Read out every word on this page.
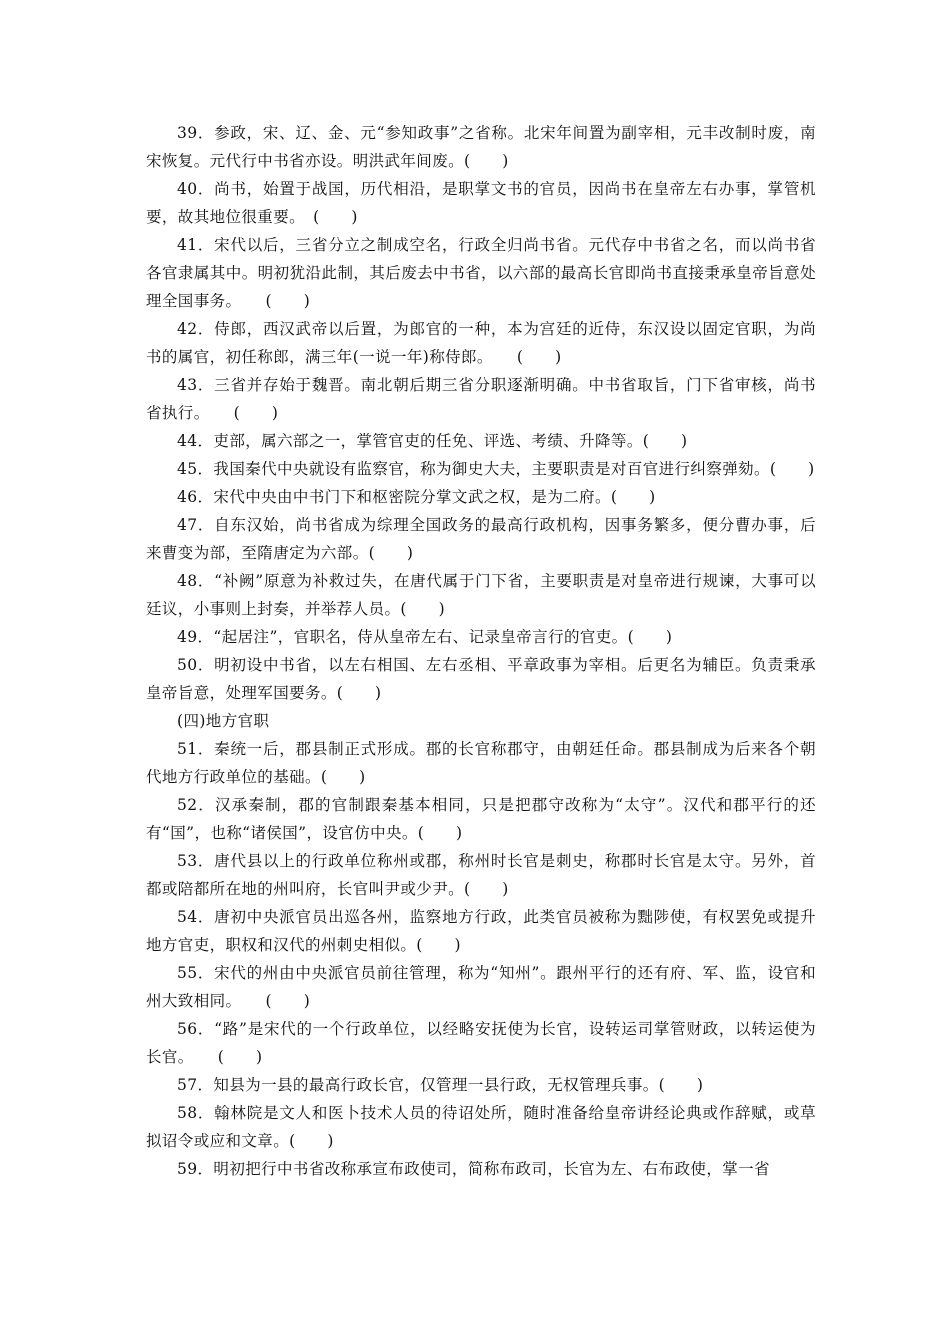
39．参政，宋、辽、金、元“参知政事”之省称。北宋年间置为副宰相，元丰改制时废，南宋恢复。元代行中书省亦设。明洪武年间废。(　　)

40．尚书，始置于战国，历代相沿，是职掌文书的官员，因尚书在皇帝左右办事，掌管机要，故其地位很重要。　(　　)

41．宋代以后，三省分立之制成空名，行政全归尚书省。元代存中书省之名，而以尚书省各官隶属其中。明初犹沿此制，其后废去中书省，以六部的最高长官即尚书直接秉承皇帝旨意处理全国事务。　　(　　)

42．侍郎，西汉武帝以后置，为郎官的一种，本为宫廷的近侍，东汉设以固定官职，为尚书的属官，初任称郎，满三年(一说一年)称侍郎。　　(　　)

43．三省并存始于魏晋。南北朝后期三省分职逐渐明确。中书省取旨，门下省审核，尚书省执行。　　(　　)

44．吏部，属六部之一，掌管官吏的任免、评选、考绩、升降等。(　　)

45．我国秦代中央就设有监察官，称为御史大夫，主要职责是对百官进行纠察弹劾。(　　)

46．宋代中央由中书门下和枢密院分掌文武之权，是为二府。(　　)

47．自东汉始，尚书省成为综理全国政务的最高行政机构，因事务繁多，便分曹办事，后来曹变为部，至隋唐定为六部。(　　)

48．“补阙”原意为补救过失，在唐代属于门下省，主要职责是对皇帝进行规谏，大事可以廷议，小事则上封奏，并举荐人员。(　　)

49．“起居注”，官职名，侍从皇帝左右、记录皇帝言行的官吏。(　　)

50．明初设中书省，以左右相国、左右丞相、平章政事为宰相。后更名为辅臣。负责秉承皇帝旨意，处理军国要务。(　　)

(四)地方官职

51．秦统一后，郡县制正式形成。郡的长官称郡守，由朝廷任命。郡县制成为后来各个朝代地方行政单位的基础。(　　)

52．汉承秦制，郡的官制跟秦基本相同，只是把郡守改称为“太守”。汉代和郡平行的还有“国”，也称“诸侯国”，设官仿中央。(　　)

53．唐代县以上的行政单位称州或郡，称州时长官是刺史，称郡时长官是太守。另外，首都或陪都所在地的州叫府，长官叫尹或少尹。(　　)

54．唐初中央派官员出巡各州，监察地方行政，此类官员被称为黜陟使，有权罢免或提升地方官吏，职权和汉代的州刺史相似。(　　)

55．宋代的州由中央派官员前往管理，称为“知州”。跟州平行的还有府、军、监，设官和州大致相同。　　(　　)

56．“路”是宋代的一个行政单位，以经略安抚使为长官，设转运司掌管财政，以转运使为长官。　　(　　)

57．知县为一县的最高行政长官，仅管理一县行政，无权管理兵事。(　　)

58．翰林院是文人和医卜技术人员的待诏处所，随时准备给皇帝讲经论典或作辞赋，或草拟诏令或应和文章。(　　)

59．明初把行中书省改称承宣布政使司，简称布政司，长官为左、右布政使，掌一省
